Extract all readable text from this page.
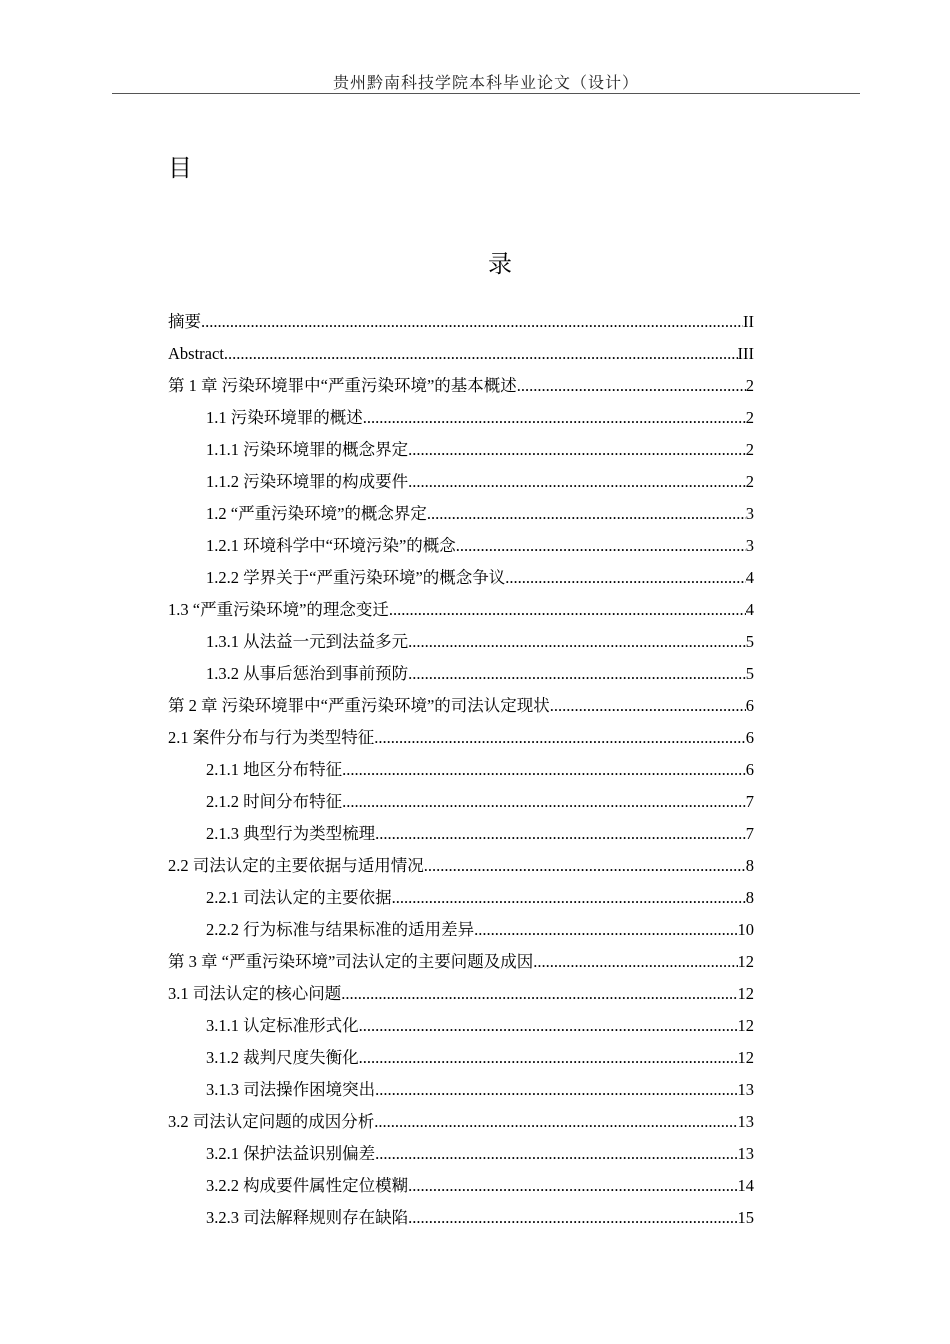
贵州黔南科技学院本科毕业论文（设计）
目
录
摘要 .....	II
Abstract .....	III
第 1 章 污染环境罪中“严重污染环境”的基本概述 .....	2
1.1 污染环境罪的概述 .....	2
1.1.1 污染环境罪的概念界定 .....	2
1.1.2 污染环境罪的构成要件 .....	2
1.2 “严重污染环境”的概念界定 .....	3
1.2.1 环境科学中“环境污染”的概念 .....	3
1.2.2 学界关于“严重污染环境”的概念争议 .....	4
1.3 “严重污染环境”的理念变迁 .....	4
1.3.1 从法益一元到法益多元 .....	5
1.3.2 从事后惩治到事前预防 .....	5
第 2 章 污染环境罪中“严重污染环境”的司法认定现状 .....	6
2.1 案件分布与行为类型特征 .....	6
2.1.1 地区分布特征 .....	6
2.1.2 时间分布特征 .....	7
2.1.3 典型行为类型梳理 .....	7
2.2 司法认定的主要依据与适用情况 .....	8
2.2.1 司法认定的主要依据 .....	8
2.2.2 行为标准与结果标准的适用差异 .....	10
第 3 章 “严重污染环境”司法认定的主要问题及成因 .....	12
3.1 司法认定的核心问题 .....	12
3.1.1 认定标准形式化 .....	12
3.1.2 裁判尺度失衡化 .....	12
3.1.3 司法操作困境突出 .....	13
3.2 司法认定问题的成因分析 .....	13
3.2.1 保护法益识别偏差 .....	13
3.2.2 构成要件属性定位模糊 .....	14
3.2.3 司法解释规则存在缺陷 .....	15
